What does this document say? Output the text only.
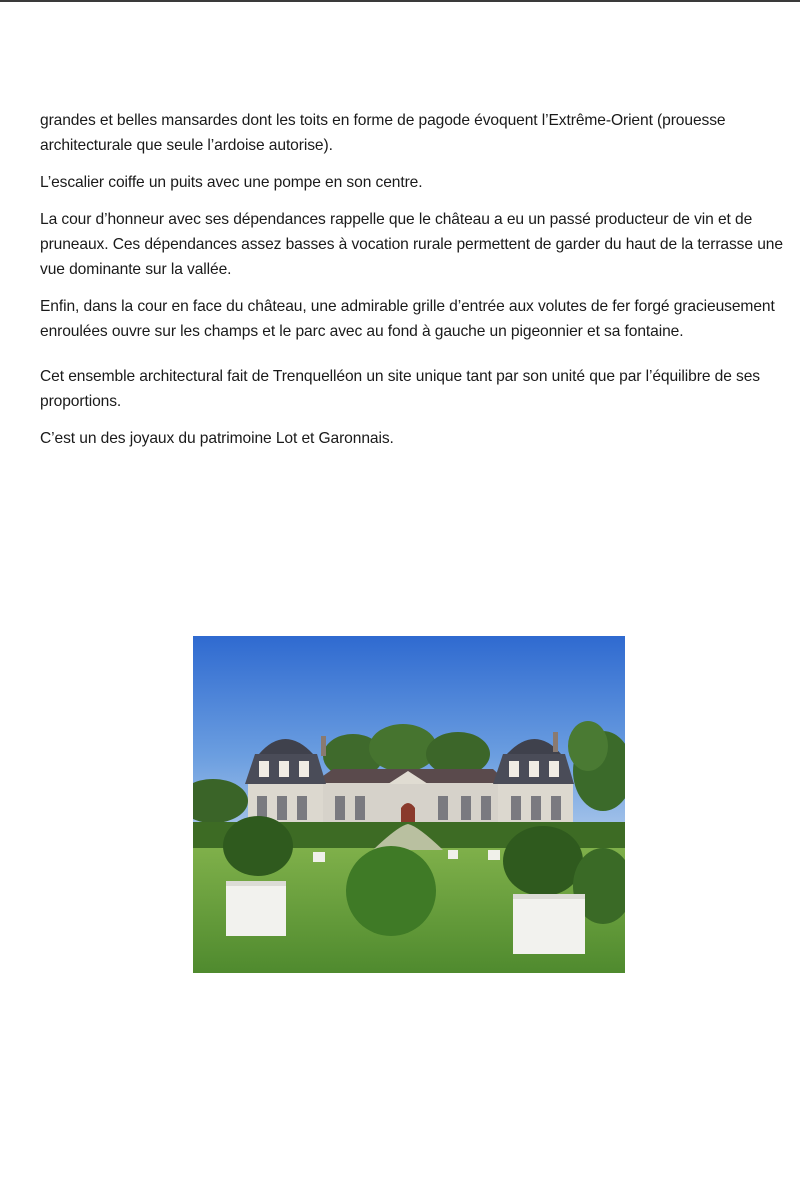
grandes et belles mansardes dont les toits en forme de pagode évoquent l’Extrême-Orient (prouesse architecturale que seule l’ardoise autorise).

L’escalier coiffe un puits avec une pompe en son centre.

La cour d’honneur avec ses dépendances rappelle que le château a eu un passé producteur de vin et de pruneaux. Ces dépendances assez basses à vocation rurale permettent de garder du haut de la terrasse une vue dominante sur la vallée.

Enfin, dans la cour en face du château, une admirable grille d’entrée aux volutes de fer forgé gracieusement enroulées ouvre sur les champs et le parc avec au fond à gauche un pigeonnier et sa fontaine.

Cet ensemble architectural fait de Trenquelléon un site unique tant par son unité que par l’équilibre de ses proportions.

C’est un des joyaux du patrimoine Lot et Garonnais.
